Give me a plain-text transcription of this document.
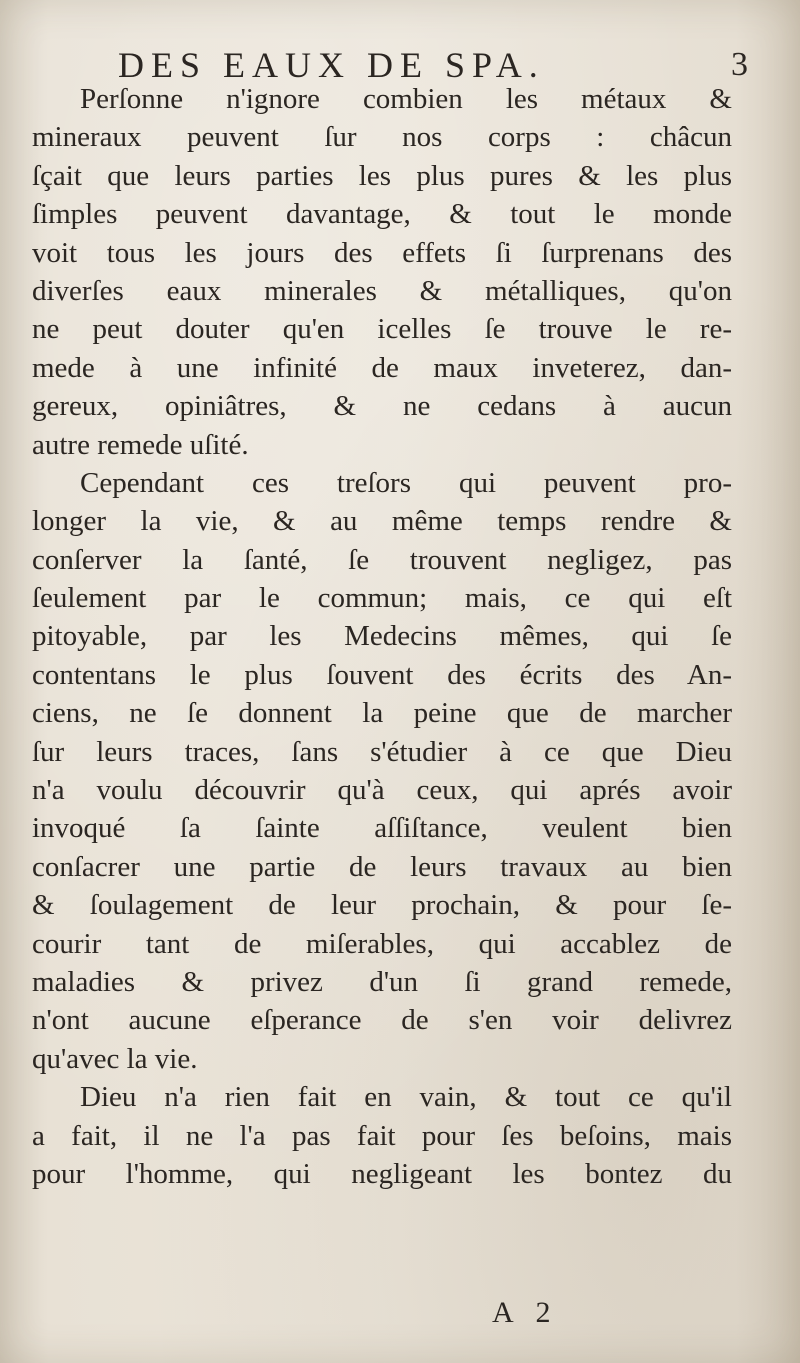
DES EAUX DE SPA.	3
Perſonne n'ignore combien les métaux &
mineraux peuvent ſur nos corps : châcun
ſçait que leurs parties les plus pures & les plus
ſimples peuvent davantage, & tout le monde
voit tous les jours des effets ſi ſurprenans des
diverſes eaux minerales & métalliques, qu'on
ne peut douter qu'en icelles ſe trouve le re-
mede à une infinité de maux inveterez, dan-
gereux, opiniâtres, & ne cedans à aucun
autre remede uſité.
Cependant ces treſors qui peuvent pro-
longer la vie, & au même temps rendre &
conſerver la ſanté, ſe trouvent negligez, pas
ſeulement par le commun; mais, ce qui eſt
pitoyable, par les Medecins mêmes, qui ſe
contentans le plus ſouvent des écrits des An-
ciens, ne ſe donnent la peine que de marcher
ſur leurs traces, ſans s'étudier à ce que Dieu
n'a voulu découvrir qu'à ceux, qui aprés avoir
invoqué ſa ſainte aſſiſtance, veulent bien
conſacrer une partie de leurs travaux au bien
& ſoulagement de leur prochain, & pour ſe-
courir tant de miſerables, qui accablez de
maladies & privez d'un ſi grand remede,
n'ont aucune eſperance de s'en voir delivrez
qu'avec la vie.
Dieu n'a rien fait en vain, & tout ce qu'il
a fait, il ne l'a pas fait pour ſes beſoins, mais
pour l'homme, qui negligeant les bontez du
A 2
